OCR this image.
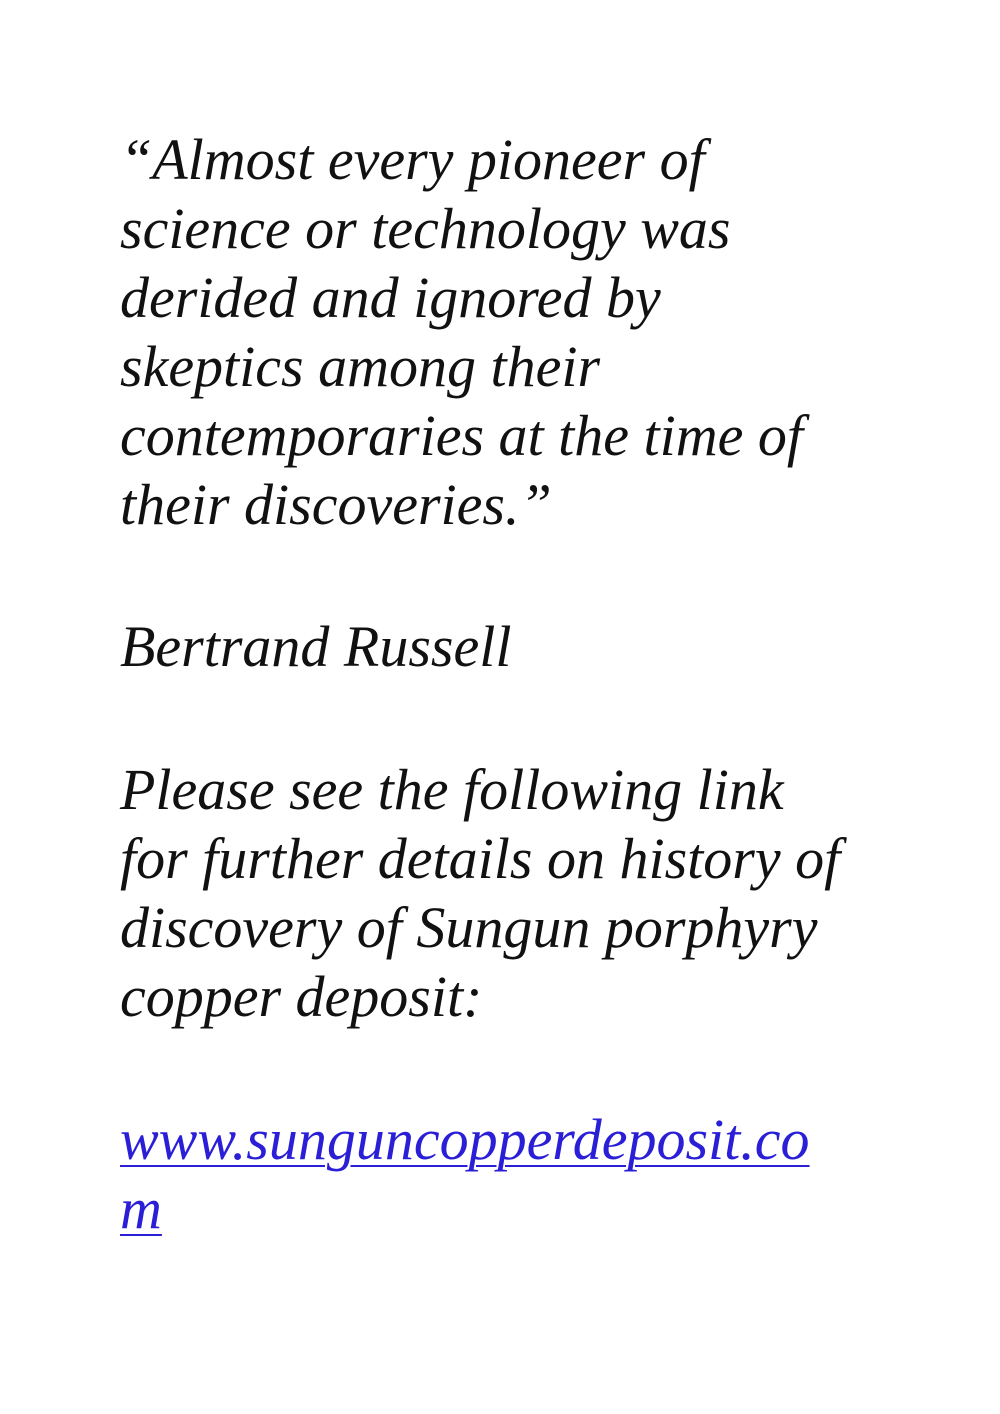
“Almost every pioneer of
science or technology was
derided and ignored by
skeptics among their
contemporaries at the time of
their discoveries.”
Bertrand Russell
Please see the following link
for further details on history of
discovery of Sungun porphyry
copper deposit:
www.sunguncopperdeposit.co
m
